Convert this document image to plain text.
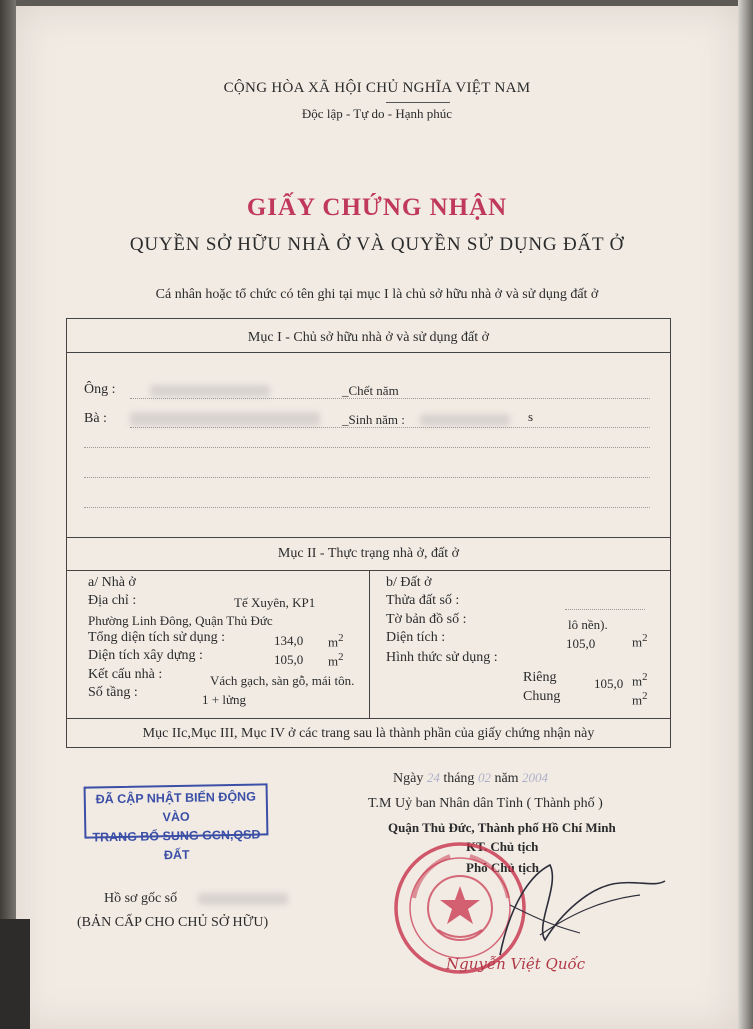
CỘNG HÒA XÃ HỘI CHỦ NGHĨA VIỆT NAM
Độc lập - Tự do - Hạnh phúc
GIẤY CHỨNG NHẬN
QUYỀN SỞ HỮU NHÀ Ở VÀ QUYỀN SỬ DỤNG ĐẤT Ở
Cá nhân hoặc tổ chức có tên ghi tại mục I là chủ sở hữu nhà ở và sử dụng đất ở
Mục I - Chủ sở hữu nhà ở và sử dụng đất ở
Ông :	_Chết năm
Bà :	_Sinh năm :	s
Mục II - Thực trạng nhà ở, đất ở
a/ Nhà ở
Địa chỉ :	Tế Xuyên, KP1
Phường Linh Đông, Quận Thủ Đức
Tổng diện tích sử dụng :	134,0 $m^2$
Diện tích xây dựng :	105,0 $m^2$
Kết cấu nhà :	Vách gạch, sàn gỗ, mái tôn.
Số tầng :	1 + lửng
b/ Đất ở
Thửa đất số :
Tờ bản đồ số :	lô nền).
Diện tích :	105,0	$m^2$
Hình thức sử dụng :
Riêng	105,0 $m^2$
Chung	$m^2$
Mục IIc,Mục III, Mục IV ở các trang sau là thành phần của giấy chứng nhận này
Ngày 24 tháng 02 năm 2004
T.M Uỷ ban Nhân dân Tỉnh ( Thành phố )
Quận Thủ Đức, Thành phố Hồ Chí Minh
KT. Chủ tịch
Phó Chủ tịch
ĐÃ CẬP NHẬT BIẾN ĐỘNG VÀO
TRANG BỔ SUNG GCN,QSD ĐẤT
Nguyễn Việt Quốc
Hồ sơ gốc số
(BẢN CẤP CHO CHỦ SỞ HỮU)
